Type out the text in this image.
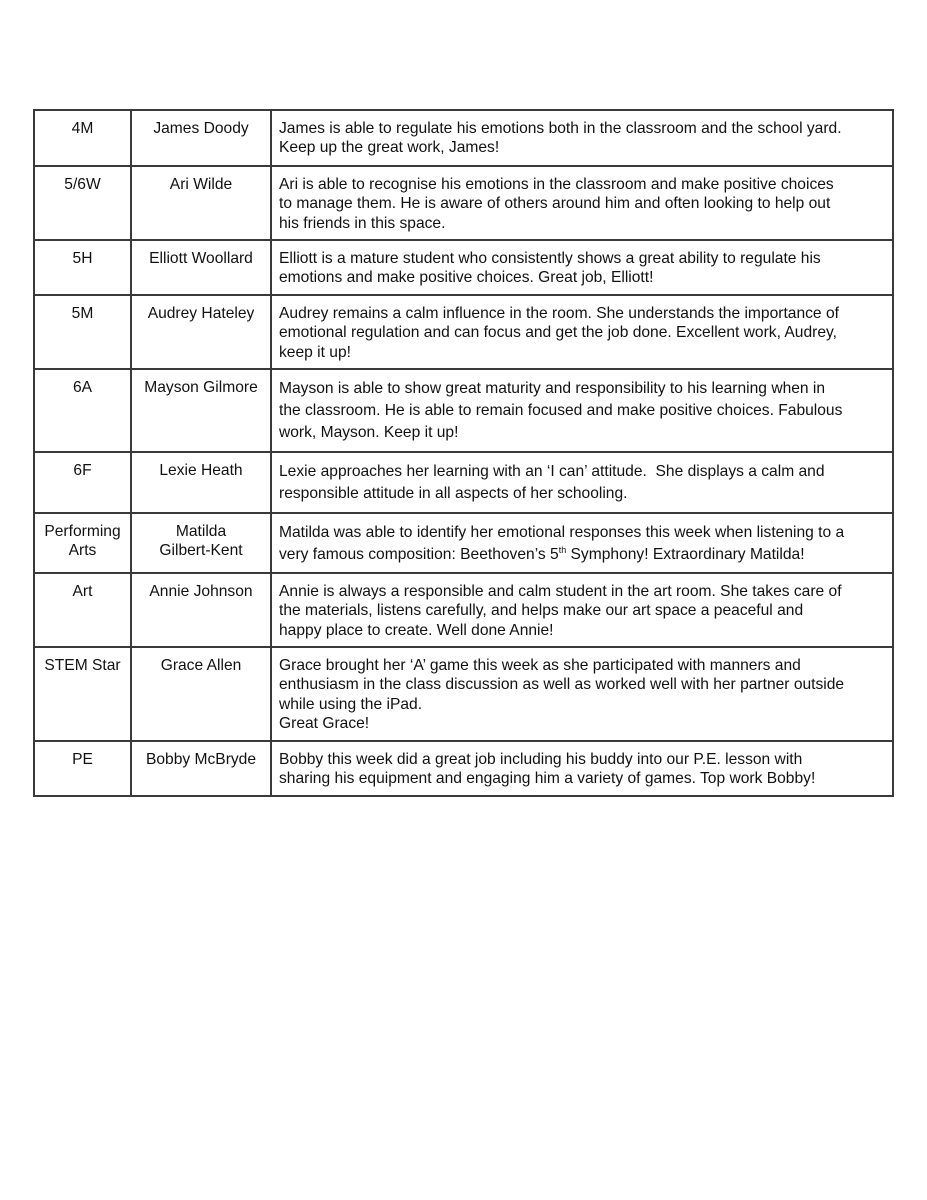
4M	James Doody	James is able to regulate his emotions both in the classroom and the school yard.
Keep up the great work, James!

5/6W	Ari Wilde	Ari is able to recognise his emotions in the classroom and make positive choices
to manage them. He is aware of others around him and often looking to help out
his friends in this space.

5H	Elliott Woollard	Elliott is a mature student who consistently shows a great ability to regulate his
emotions and make positive choices. Great job, Elliott!

5M	Audrey Hateley	Audrey remains a calm influence in the room. She understands the importance of
emotional regulation and can focus and get the job done. Excellent work, Audrey,
keep it up!

6A	Mayson Gilmore	Mayson is able to show great maturity and responsibility to his learning when in
the classroom. He is able to remain focused and make positive choices. Fabulous
work, Mayson. Keep it up!

6F	Lexie Heath	Lexie approaches her learning with an ‘I can’ attitude.  She displays a calm and
responsible attitude in all aspects of her schooling.

Performing
Arts	Matilda
Gilbert-Kent	Matilda was able to identify her emotional responses this week when listening to a
very famous composition: Beethoven’s 5th Symphony! Extraordinary Matilda!

Art	Annie Johnson	Annie is always a responsible and calm student in the art room. She takes care of
the materials, listens carefully, and helps make our art space a peaceful and
happy place to create. Well done Annie!

STEM Star	Grace Allen	Grace brought her ‘A’ game this week as she participated with manners and
enthusiasm in the class discussion as well as worked well with her partner outside
while using the iPad.
Great Grace!

PE	Bobby McBryde	Bobby this week did a great job including his buddy into our P.E. lesson with
sharing his equipment and engaging him a variety of games. Top work Bobby!
